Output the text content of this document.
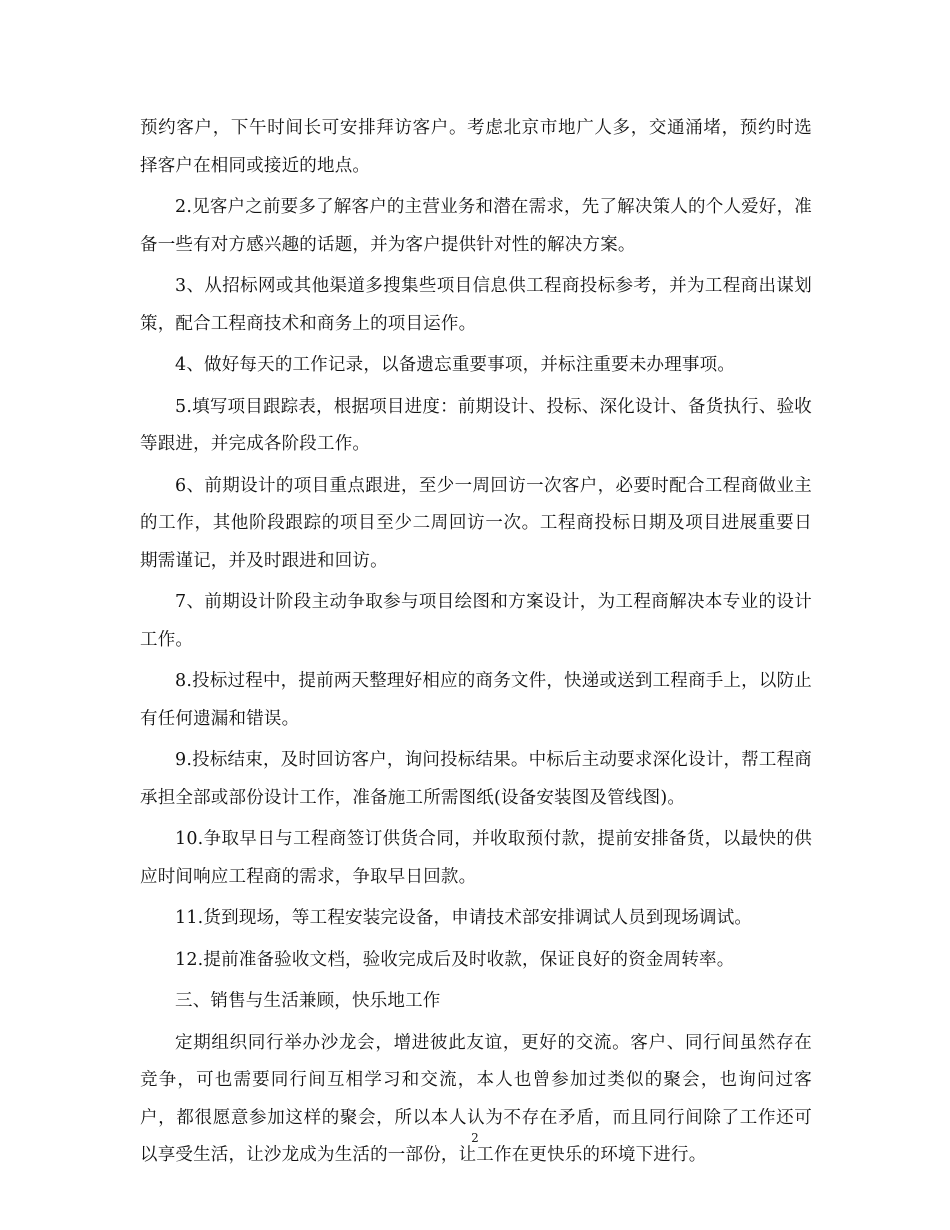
预约客户，下午时间长可安排拜访客户。考虑北京市地广人多，交通涌堵，预约时选择客户在相同或接近的地点。

2.见客户之前要多了解客户的主营业务和潜在需求，先了解决策人的个人爱好，准备一些有对方感兴趣的话题，并为客户提供针对性的解决方案。

3、从招标网或其他渠道多搜集些项目信息供工程商投标参考，并为工程商出谋划策，配合工程商技术和商务上的项目运作。

4、做好每天的工作记录，以备遗忘重要事项，并标注重要未办理事项。

5.填写项目跟踪表，根据项目进度：前期设计、投标、深化设计、备货执行、验收等跟进，并完成各阶段工作。

6、前期设计的项目重点跟进，至少一周回访一次客户，必要时配合工程商做业主的工作，其他阶段跟踪的项目至少二周回访一次。工程商投标日期及项目进展重要日期需谨记，并及时跟进和回访。

7、前期设计阶段主动争取参与项目绘图和方案设计，为工程商解决本专业的设计工作。

8.投标过程中，提前两天整理好相应的商务文件，快递或送到工程商手上，以防止有任何遗漏和错误。

9.投标结束，及时回访客户，询问投标结果。中标后主动要求深化设计，帮工程商承担全部或部份设计工作，准备施工所需图纸(设备安装图及管线图)。

10.争取早日与工程商签订供货合同，并收取预付款，提前安排备货，以最快的供应时间响应工程商的需求，争取早日回款。

11.货到现场，等工程安装完设备，申请技术部安排调试人员到现场调试。

12.提前准备验收文档，验收完成后及时收款，保证良好的资金周转率。

三、销售与生活兼顾，快乐地工作

定期组织同行举办沙龙会，增进彼此友谊，更好的交流。客户、同行间虽然存在竞争，可也需要同行间互相学习和交流，本人也曾参加过类似的聚会，也询问过客户，都很愿意参加这样的聚会，所以本人认为不存在矛盾，而且同行间除了工作还可以享受生活，让沙龙成为生活的一部份，让工作在更快乐的环境下进行。

2
